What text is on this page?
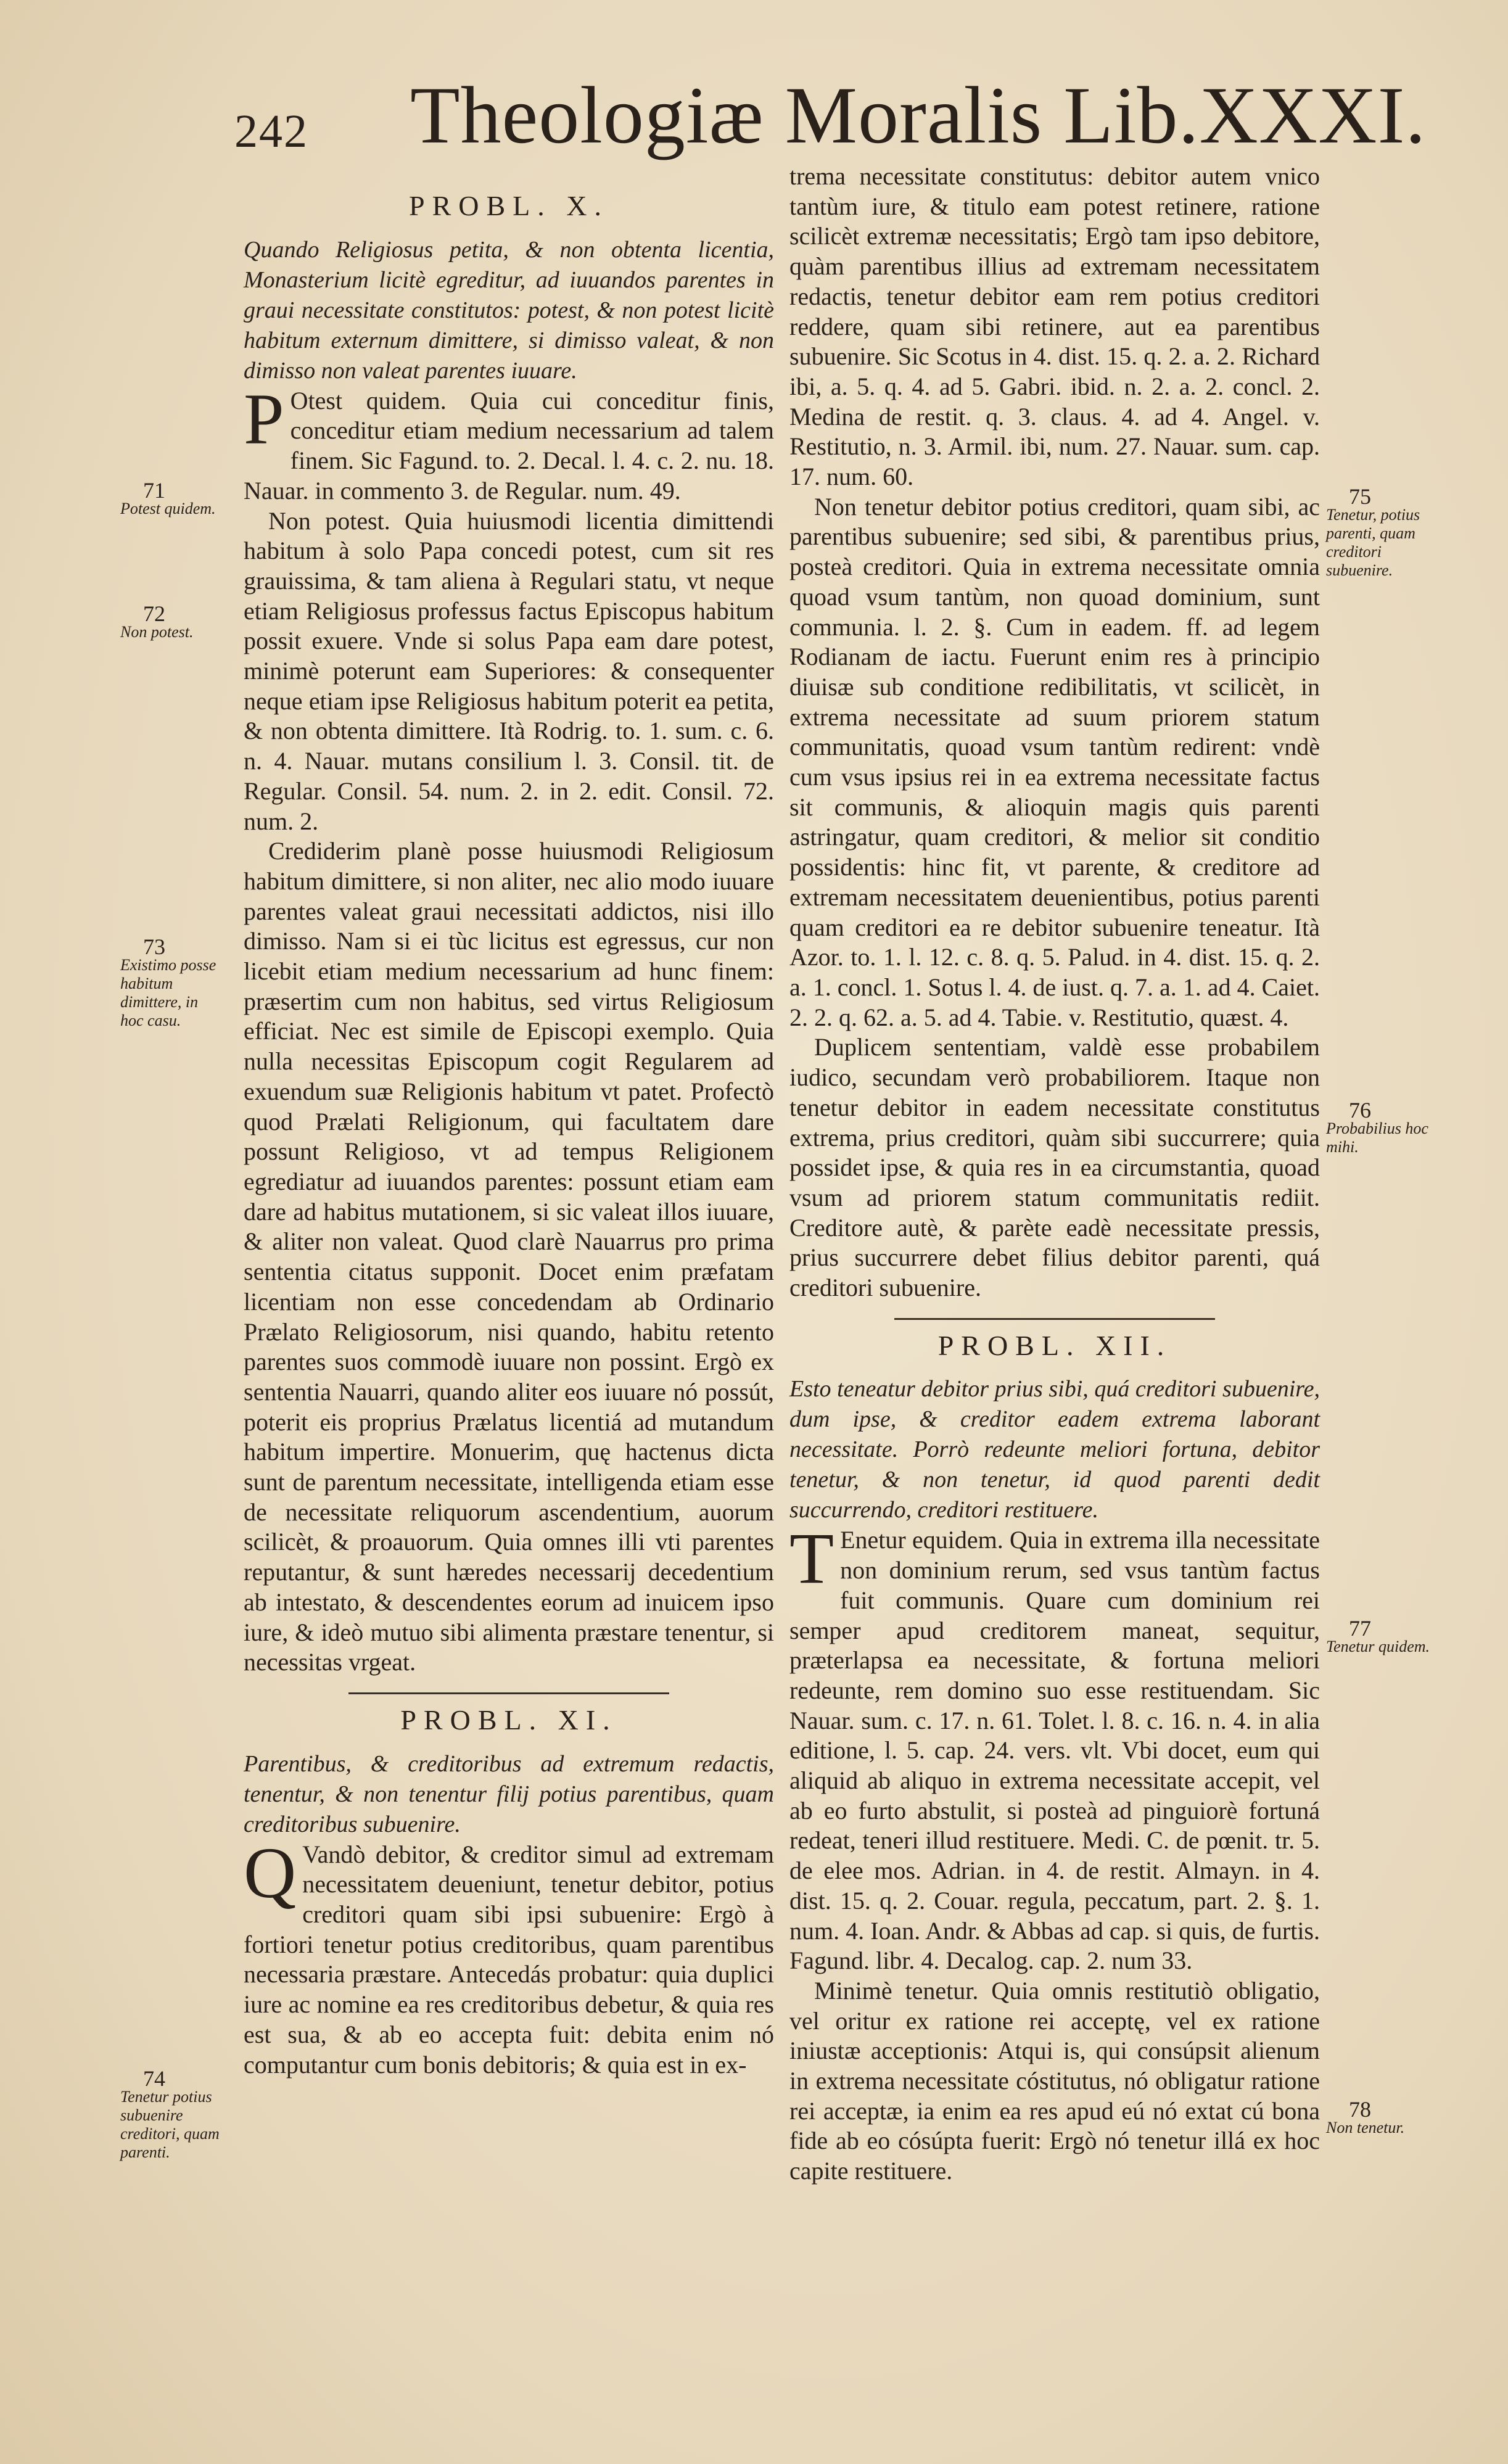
242 Theologiæ Moralis Lib.XXXI.
PROBL. X.

Quando Religiosus petita, & non obtenta licentia, Monasterium licitè egreditur, ad iuuandos parentes in graui necessitate constitutos: potest, & non potest licitè habitum externum dimittere, si dimisso valeat, & non dimisso non valeat parentes iuuare.

P Otest quidem. Quia cui conceditur finis, conceditur etiam medium necessarium ad talem finem. Sic Fagund. to. 2. Decal. l. 4. c. 2. nu. 18. Nauar. in commento 3. de Regular. num. 49.

Non potest. Quia huiusmodi licentia dimittendi habitum à solo Papa concedi potest, cum sit res grauissima, & tam aliena à Regulari statu, vt neque etiam Religiosus professus factus Episcopus habitum possit exuere. Vnde si solus Papa eam dare potest, minimè poterunt eam Superiores: & consequenter neque etiam ipse Religiosus habitum poterit ea petita, & non obtenta dimittere. Ità Rodrig. to. 1. sum. c. 6. n. 4. Nauar. mutans consilium l. 3. Consil. tit. de Regular. Consil. 54. num. 2. in 2. edit. Consil. 72. num. 2.

Crediderim planè posse huiusmodi Religiosum habitum dimittere, si non aliter, nec alio modo iuuare parentes valeat graui necessitati addictos, nisi illo dimisso. Nam si ei tùc licitus est egressus, cur non licebit etiam medium necessarium ad hunc finem: præsertim cum non habitus, sed virtus Religiosum efficiat. Nec est simile de Episcopi exemplo. Quia nulla necessitas Episcopum cogit Regularem ad exuendum suæ Religionis habitum vt patet. Profectò quod Prælati Religionum, qui facultatem dare possunt Religioso, vt ad tempus Religionem egrediatur ad iuuandos parentes: possunt etiam eam dare ad habitus mutationem, si sic valeat illos iuuare, & aliter non valeat. Quod clarè Nauarrus pro prima sententia citatus supponit. Docet enim præfatam licentiam non esse concedendam ab Ordinario Prælato Religiosorum, nisi quando, habitu retento parentes suos commodè iuuare non possint. Ergò ex sententia Nauarri, quando aliter eos iuuare nó possút, poterit eis proprius Prælatus licentiá ad mutandum habitum impertire. Monuerim, quę hactenus dicta sunt de parentum necessitate, intelligenda etiam esse de necessitate reliquorum ascendentium, auorum scilicèt, & proauorum. Quia omnes illi vti parentes reputantur, & sunt hæredes necessarij decedentium ab intestato, & descendentes eorum ad inuicem ipso iure, & ideò mutuo sibi alimenta præstare tenentur, si necessitas vrgeat.

PROBL. XI.

Parentibus, & creditoribus ad extremum redactis, tenentur, & non tenentur filij potius parentibus, quam creditoribus subuenire.

Q Vandò debitor, & creditor simul ad extremam necessitatem deueniunt, tenetur debitor, potius creditori quam sibi ipsi subuenire: Ergò à fortiori tenetur potius creditoribus, quam parentibus necessaria præstare. Antecedás probatur: quia duplici iure ac nomine ea res creditoribus debetur, & quia res est sua, & ab eo accepta fuit: debita enim nó computantur cum bonis debitoris; & quia est in ex-

trema necessitate constitutus: debitor autem vnico tantùm iure, & titulo eam potest retinere, ratione scilicèt extremæ necessitatis; Ergò tam ipso debitore, quàm parentibus illius ad extremam necessitatem redactis, tenetur debitor eam rem potius creditori reddere, quam sibi retinere, aut ea parentibus subuenire. Sic Scotus in 4. dist. 15. q. 2. a. 2. Richard ibi, a. 5. q. 4. ad 5. Gabri. ibid. n. 2. a. 2. concl. 2. Medina de restit. q. 3. claus. 4. ad 4. Angel. v. Restitutio, n. 3. Armil. ibi, num. 27. Nauar. sum. cap. 17. num. 60.

Non tenetur debitor potius creditori, quam sibi, ac parentibus subuenire; sed sibi, & parentibus prius, posteà creditori. Quia in extrema necessitate omnia quoad vsum tantùm, non quoad dominium, sunt communia. l. 2. §. Cum in eadem. ff. ad legem Rodianam de iactu. Fuerunt enim res à principio diuisæ sub conditione redibilitatis, vt scilicèt, in extrema necessitate ad suum priorem statum communitatis, quoad vsum tantùm redirent: vndè cum vsus ipsius rei in ea extrema necessitate factus sit communis, & alioquin magis quis parenti astringatur, quam creditori, & melior sit conditio possidentis: hinc fit, vt parente, & creditore ad extremam necessitatem deuenientibus, potius parenti quam creditori ea re debitor subuenire teneatur. Ità Azor. to. 1. l. 12. c. 8. q. 5. Palud. in 4. dist. 15. q. 2. a. 1. concl. 1. Sotus l. 4. de iust. q. 7. a. 1. ad 4. Caiet. 2. 2. q. 62. a. 5. ad 4. Tabie. v. Restitutio, quæst. 4.

Duplicem sententiam, valdè esse probabilem iudico, secundam verò probabiliorem. Itaque non tenetur debitor in eadem necessitate constitutus extrema, prius creditori, quàm sibi succurrere; quia possidet ipse, & quia res in ea circumstantia, quoad vsum ad priorem statum communitatis rediit. Creditore autè, & parète eadè necessitate pressis, prius succurrere debet filius debitor parenti, quá creditori subuenire.

PROBL. XII.

Esto teneatur debitor prius sibi, quá creditori subuenire, dum ipse, & creditor eadem extrema laborant necessitate. Porrò redeunte meliori fortuna, debitor tenetur, & non tenetur, id quod parenti dedit succurrendo, creditori restituere.

T Enetur equidem. Quia in extrema illa necessitate non dominium rerum, sed vsus tantùm factus fuit communis. Quare cum dominium rei semper apud creditorem maneat, sequitur, præterlapsa ea necessitate, & fortuna meliori redeunte, rem domino suo esse restituendam. Sic Nauar. sum. c. 17. n. 61. Tolet. l. 8. c. 16. n. 4. in alia editione, l. 5. cap. 24. vers. vlt. Vbi docet, eum qui aliquid ab aliquo in extrema necessitate accepit, vel ab eo furto abstulit, si posteà ad pinguiorè fortuná redeat, teneri illud restituere. Medi. C. de pœnit. tr. 5. de elee mos. Adrian. in 4. de restit. Almayn. in 4. dist. 15. q. 2. Couar. regula, peccatum, part. 2. §. 1. num. 4. Ioan. Andr. & Abbas ad cap. si quis, de furtis. Fagund. libr. 4. Decalog. cap. 2. num 33.

Minimè tenetur. Quia omnis restitutiò obligatio, vel oritur ex ratione rei acceptę, vel ex ratione iniustæ acceptionis: Atqui is, qui consúpsit alienum in extrema necessitate cóstitutus, nó obligatur ratione rei acceptæ, ia enim ea res apud eú nó extat cú bona fide ab eo cósúpta fuerit: Ergò nó tenetur illá ex hoc capite restituere.

71
Potest quidem.
72
Non potest.
73
Existimo posse habitum dimittere, in hoc casu.
74
Tenetur potius subuenire creditori, quam parenti.
75
Tenetur, potius parenti, quam creditori subuenire.
76
Probabilius hoc mihi.
77
Tenetur quidem.
78
Non tenetur.
